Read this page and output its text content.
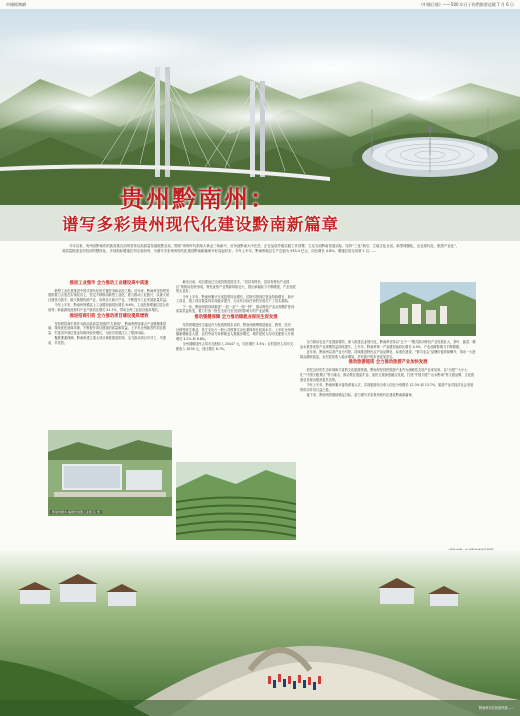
中國經濟網	《中國日報》——500 年日子你們都要這樣 7 月 6 日
贵州黔南州：
谱写多彩贵州现代化建设黔南新篇章
今年以来，贵州省黔南布依族苗族自治州坚持以高质量发展统揽全局，围绕“贵州时代供给大黄金三角新兴，应争创黔南大中在岳、正在品质升级实践工作部署，立足当前黔南发展实际，坚持“三化”新引，立地文化全活，新型城镇化，农业现代化、旅游产业化”，高质量推进农村经济的整体化、多项指标增速位列全省前列，为谱写多彩贵州现代化建设黔南新篇章开好局起好步。今年上半年，黔南州地区生产总值为 933.4 亿元，同比增长 4.8%，增速位居全省第 1 位……
推进工业强市 全力推动工业建设高中质速

新型工业化是推进中国式现代化的关键任务和必经之路。近年来，黔南州坚持把发展的着力点放在实体经济上，坚定不移推动新型工业化，着力推动工业振兴，以重大项目建设为抓手，做大做强传统产业，培育壮大新兴产业，不断提升工业发展质量效益。

今年上半年，黔南州规模以上工业增加值同比增长 8.6%，工业投资增速位居全省前列；新能源电池材料产业产值同比增长 41.7%，带动全州工业经济稳步增长。

推进招商引资 全力推动项目建设提质增效

坚持把招商引资作为推动高质量发展的“生命线”，黔南州围绕重点产业链精准招商，持续优化营商环境，不断提升项目建设的质量和效益。上半年全州新签约项目数量、引进省外到位资金均保持较快增长，为经济发展注入了强劲动能。

聚焦要素保障，黔南州建立重大项目调度推进机制，全力推动项目早开工、早建成、早见效。

黔南州惠水·福建先进园工业园 区 贵

截至目前，项目建设已完成投资进度过半，“县县有特色、县县有特色产业园区”的格局加快形成，特色优势产业集群持续壮大，园区承载能力不断增强，产业发展势头良好。

今年上半年，黔南州累计完成投资同比增长，招商引资到位资金持续增长，新开工项目、竣工项目数量均实现稳步提升，为全年目标任务的完成打下了坚实基础。

下一步，黔南州将持续推进“一县一业”“一园一特”，推动特色产业从规模扩张向质量效益转变，着力打造一批在全省乃至全国有影响力的产业品牌。

推动强健保障 全力推动稳就业保民生促发展

坚持把增进民生福祉作为发展的根本目的，黔南州统筹推进就业、教育、医疗、社保等民生事业，民生支出占一般公共预算支出比重保持在较高水平。上半年全州城镇新增就业人数、农村劳动力转移就业人数稳步增长，城乡居民人均可支配收入分别增长 4.2% 和 6.8%。

全州城镇居民人均可支配收入 20447 元，同比增长 3.5%；农村居民人均可支配收入 6135 元，同比增长 6.7%。

全力推动农业产业提质增效，深入推进农业现代化，黔南州坚持以“五个一”模式推动特色产业发展壮大，茶叶、蔬菜、精品水果等优势产业规模效益持续提升。上半年，黔南州第一产业增加值同比增长 4.9%，产业品牌影响力不断增强。

近年来，黔南州以茶产业为引领，持续推进特色农产品品牌化、标准化建设，“都匀毛尖”品牌价值持续攀升，带动一大批群众增收致富，农村居民收入稳步增加，乡村振兴的步伐更加坚实。

推动旅游提质 全力推动旅游产业加快发展

依托良好的生态环境和丰富的文化旅游资源，黔南州坚持把旅游产业作为战略性支柱产业来培育，以“天眼”“大小七孔”“中国天眼景区”等为重点，推动景区提质扩容，加快文旅深度融合发展，打造“中国天眼”“山水黔南”等文旅品牌，文化旅游业呈现出强劲复苏态势。

今年上半年，黔南州累计接待游客人次、实现旅游综合收入同比分别增长 12.3% 和 13.7%，旅游产业对经济社会发展的带动作用日益凸显。

接下来，黔南州将继续锚定目标，奋力谱写多彩贵州现代化建设黔南新篇章。

黔南州多彩民族风情……
